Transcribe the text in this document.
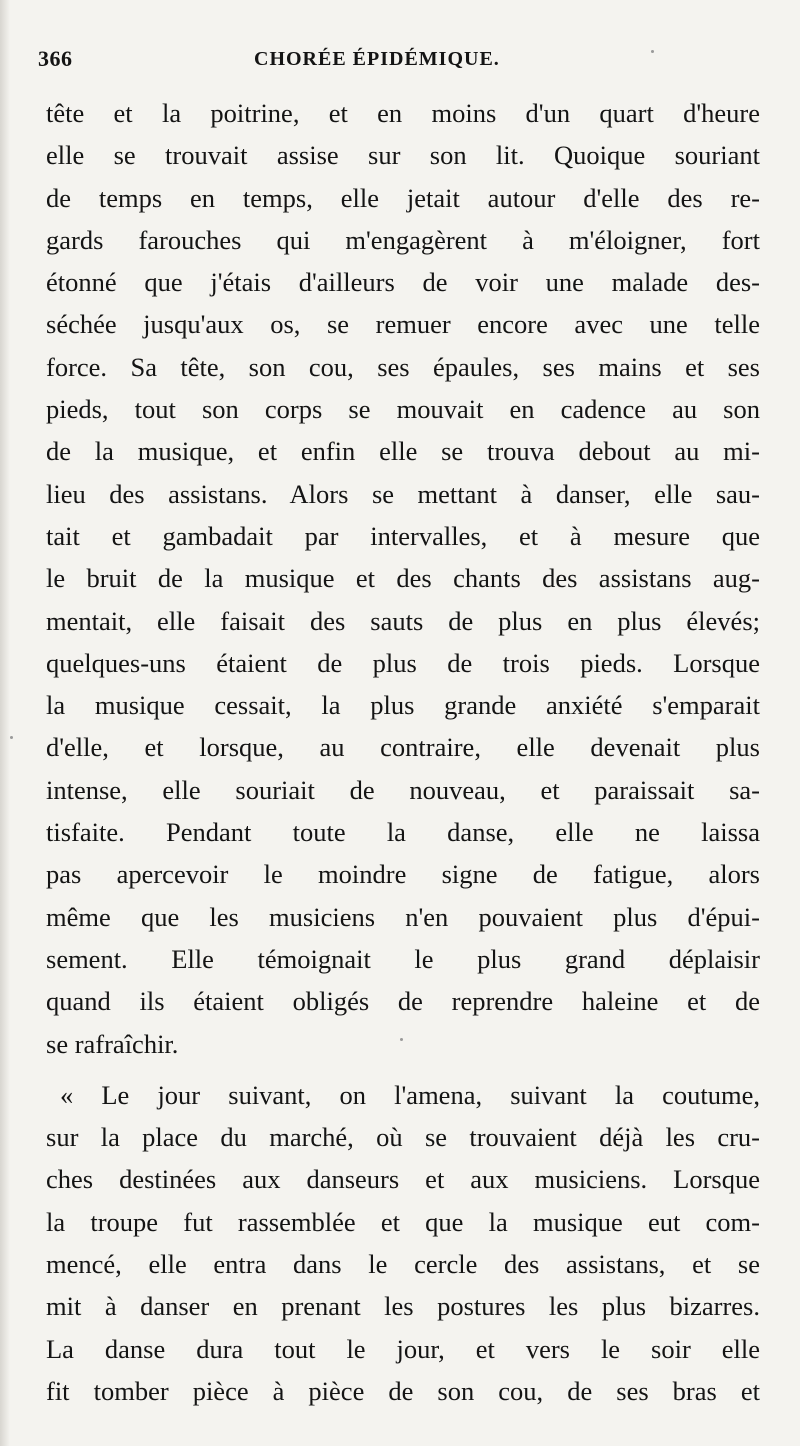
366	CHORÉE ÉPIDÉMIQUE.
tête et la poitrine, et en moins d'un quart d'heure
elle se trouvait assise sur son lit. Quoique souriant
de temps en temps, elle jetait autour d'elle des re-
gards farouches qui m'engagèrent à m'éloigner, fort
étonné que j'étais d'ailleurs de voir une malade des-
séchée jusqu'aux os, se remuer encore avec une telle
force. Sa tête, son cou, ses épaules, ses mains et ses
pieds, tout son corps se mouvait en cadence au son
de la musique, et enfin elle se trouva debout au mi-
lieu des assistans. Alors se mettant à danser, elle sau-
tait et gambadait par intervalles, et à mesure que
le bruit de la musique et des chants des assistans aug-
mentait, elle faisait des sauts de plus en plus élevés;
quelques-uns étaient de plus de trois pieds. Lorsque
la musique cessait, la plus grande anxiété s'emparait
d'elle, et lorsque, au contraire, elle devenait plus
intense, elle souriait de nouveau, et paraissait sa-
tisfaite. Pendant toute la danse, elle ne laissa
pas apercevoir le moindre signe de fatigue, alors
même que les musiciens n'en pouvaient plus d'épui-
sement. Elle témoignait le plus grand déplaisir
quand ils étaient obligés de reprendre haleine et de
se rafraîchir.
« Le jour suivant, on l'amena, suivant la coutume,
sur la place du marché, où se trouvaient déjà les cru-
ches destinées aux danseurs et aux musiciens. Lorsque
la troupe fut rassemblée et que la musique eut com-
mencé, elle entra dans le cercle des assistans, et se
mit à danser en prenant les postures les plus bizarres.
La danse dura tout le jour, et vers le soir elle
fit tomber pièce à pièce de son cou, de ses bras et
